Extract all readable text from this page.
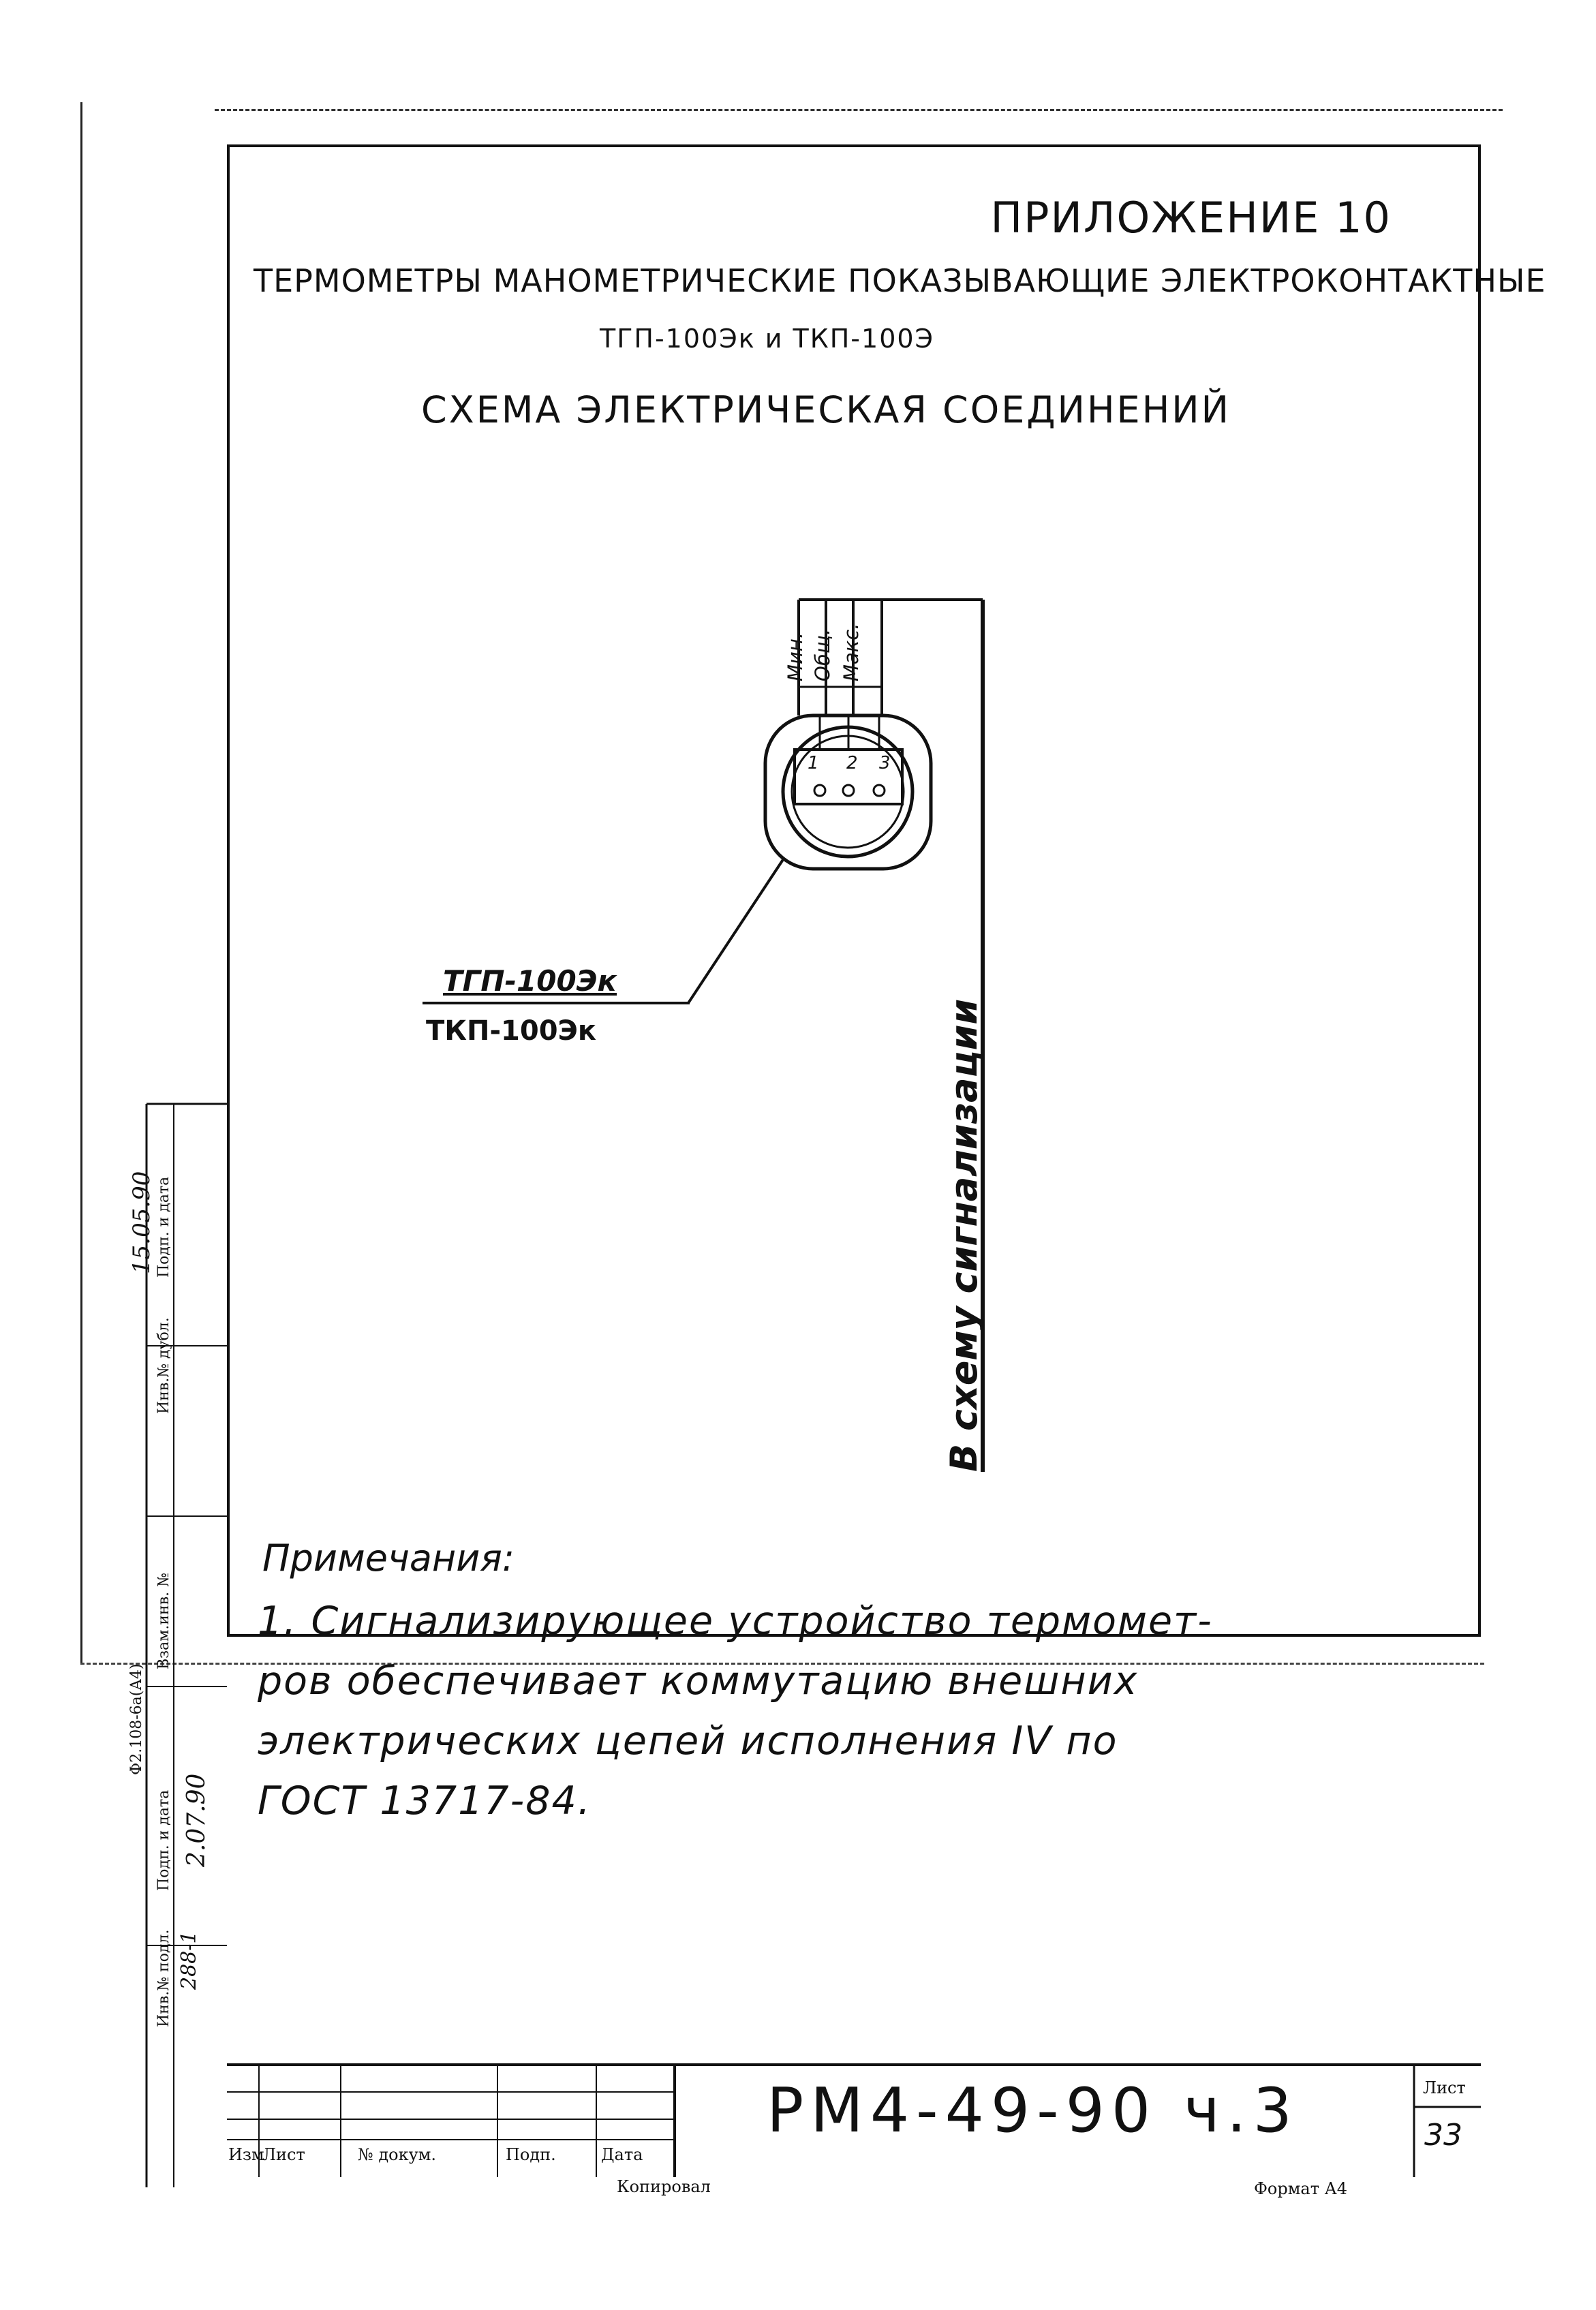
ПРИЛОЖЕНИЕ 10
ТЕРМОМЕТРЫ МАНОМЕТРИЧЕСКИЕ ПОКАЗЫВАЮЩИЕ ЭЛЕКТРОКОНТАКТНЫЕ
ТГП-100Эк и ТКП-100Э
СХЕМА ЭЛЕКТРИЧЕСКАЯ СОЕДИНЕНИЙ
Мин. Общ. Макс.
1 2 3
ТГП-100Эк
ТКП-100Эк	В схему сигнализации
Примечания:
1. Сигнализирующее устройство термомет-
ров обеспечивает коммутацию внешних
электрических цепей исполнения IV по
ГОСТ 13717-84.
Инв.№ подл.
Подп. и дата
Взам.инв. №
Инв.№ дубл.
Подп. и дата
Ф2.108-6а(А4)
288-1
2.07.90
15.05.90
Изм
Лист	№ докум.	Подп.	Дата
РМ4-49-90 ч.3	Лист
33
Копировал	Формат А4
